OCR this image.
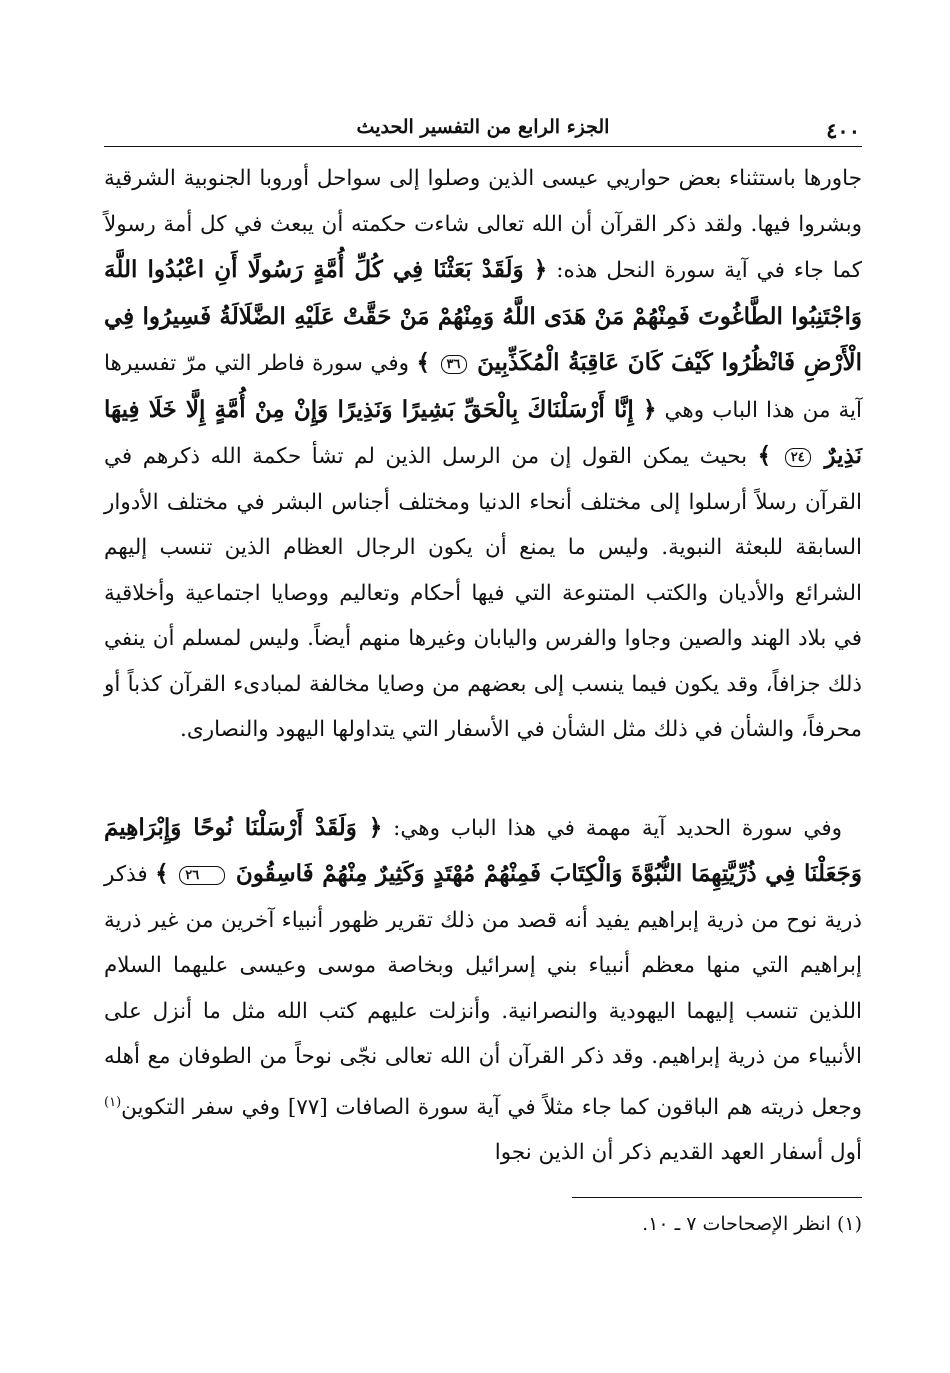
٤٠٠
الجزء الرابع من التفسير الحديث

جاورها باستثناء بعض حواريي عيسى الذين وصلوا إلى سواحل أوروبا الجنوبية الشرقية وبشروا فيها. ولقد ذكر القرآن أن الله تعالى شاءت حكمته أن يبعث في كل أمة رسولاً كما جاء في آية سورة النحل هذه: ﴿ وَلَقَدْ بَعَثْنَا فِي كُلِّ أُمَّةٍ رَسُولًا أَنِ اعْبُدُوا اللَّهَ وَاجْتَنِبُوا الطَّاغُوتَ فَمِنْهُمْ مَنْ هَدَى اللَّهُ وَمِنْهُمْ مَنْ حَقَّتْ عَلَيْهِ الضَّلَالَةُ فَسِيرُوا فِي الْأَرْضِ فَانْظُرُوا كَيْفَ كَانَ عَاقِبَةُ الْمُكَذِّبِينَ ٣٦ ﴾ وفي سورة فاطر التي مرّ تفسيرها آية من هذا الباب وهي ﴿ إِنَّا أَرْسَلْنَاكَ بِالْحَقِّ بَشِيرًا وَنَذِيرًا وَإِنْ مِنْ أُمَّةٍ إِلَّا خَلَا فِيهَا نَذِيرٌ ٢٤ ﴾ بحيث يمكن القول إن من الرسل الذين لم تشأ حكمة الله ذكرهم في القرآن رسلاً أرسلوا إلى مختلف أنحاء الدنيا ومختلف أجناس البشر في مختلف الأدوار السابقة للبعثة النبوية. وليس ما يمنع أن يكون الرجال العظام الذين تنسب إليهم الشرائع والأديان والكتب المتنوعة التي فيها أحكام وتعاليم ووصايا اجتماعية وأخلاقية في بلاد الهند والصين وجاوا والفرس واليابان وغيرها منهم أيضاً. وليس لمسلم أن ينفي ذلك جزافاً، وقد يكون فيما ينسب إلى بعضهم من وصايا مخالفة لمبادىء القرآن كذباً أو محرفاً، والشأن في ذلك مثل الشأن في الأسفار التي يتداولها اليهود والنصارى.

وفي سورة الحديد آية مهمة في هذا الباب وهي: ﴿ وَلَقَدْ أَرْسَلْنَا نُوحًا وَإِبْرَاهِيمَ وَجَعَلْنَا فِي ذُرِّيَّتِهِمَا النُّبُوَّةَ وَالْكِتَابَ فَمِنْهُمْ مُهْتَدٍ وَكَثِيرٌ مِنْهُمْ فَاسِقُونَ ٢٦ ﴾ فذكر ذرية نوح من ذرية إبراهيم يفيد أنه قصد من ذلك تقرير ظهور أنبياء آخرين من غير ذرية إبراهيم التي منها معظم أنبياء بني إسرائيل وبخاصة موسى وعيسى عليهما السلام اللذين تنسب إليهما اليهودية والنصرانية. وأنزلت عليهم كتب الله مثل ما أنزل على الأنبياء من ذرية إبراهيم. وقد ذكر القرآن أن الله تعالى نجّى نوحاً من الطوفان مع أهله وجعل ذريته هم الباقون كما جاء مثلاً في آية سورة الصافات [٧٧] وفي سفر التكوين$^{(١)}$ أول أسفار العهد القديم ذكر أن الذين نجوا

(١) انظر الإصحاحات ٧ ـ ١٠.
